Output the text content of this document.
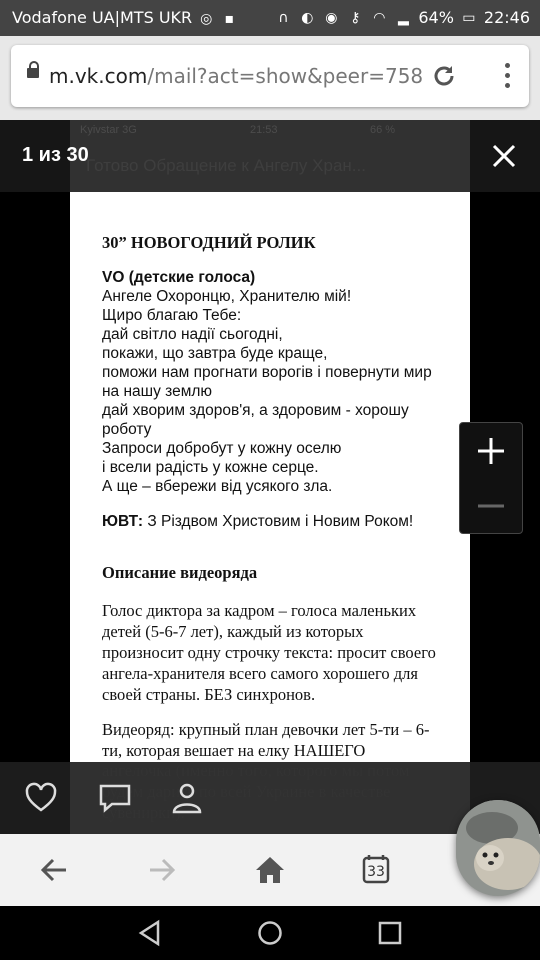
Vodafone UA|MTS UKR ◎ ▪	∩ ◐ ◉ ⚷ ◠ ▂ 64% ▭ 22:46
m.vk.com/mail?act=show&peer=758
1 из 30
30” НОВОГОДНИЙ РОЛИК
VO (детские голоса)
Ангеле Охоронцю, Хранителю мій!
Щиро благаю Тебе:
дай світло надії сьогодні,
покажи, що завтра буде краще,
поможи нам прогнати ворогів і повернути мир
на нашу землю
дай хворим здоров'я, а здоровим - хорошу
роботу
Запроси добробут у кожну оселю
і всели радість у кожне серце.
А ще – вбережи від усякого зла.
ЮВТ: З Різдвом Христовим і Новим Роком!
Описание видеоряда
Голос диктора за кадром – голоса маленьких
детей (5-6-7 лет), каждый из которых
произносит одну строчку текста: просит своего
ангела-хранителя всего самого хорошего для
своей страны. БЕЗ синхронов.
Видеоряд: крупный план девочки лет 5-ти – 6-
ти, которая вешает на елку НАШЕГО
ангелочка (именно того, которого мы потом
будем дарить по всей Украине в качестве
сувенирки).
33
